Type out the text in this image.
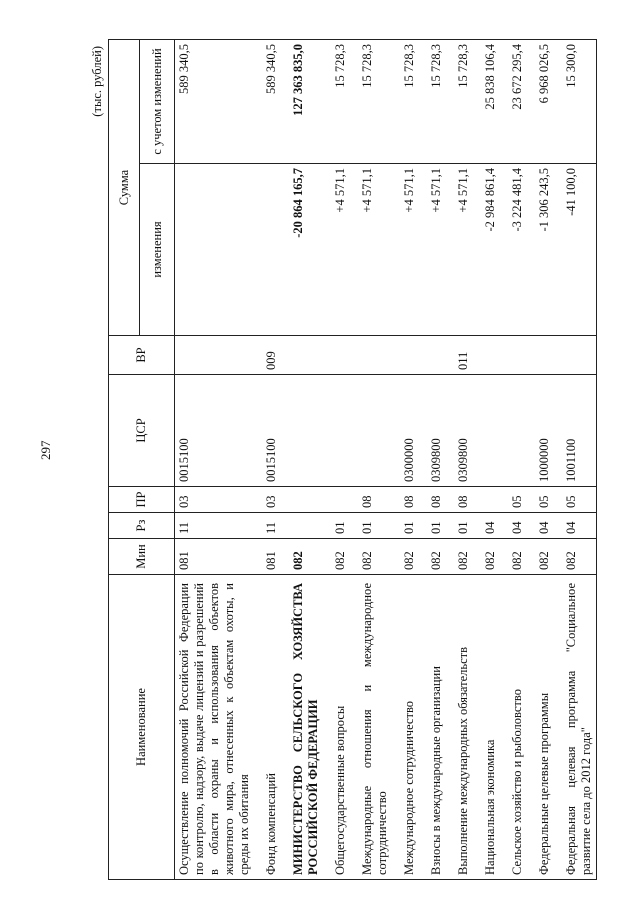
297
(тыс. рублей)
Наименование	Мин	Рз	ПР	ЦСР	ВР	Сумма	
						изменения	с учетом изменений
Осуществление полномочий Российской Федерации по контролю, надзору, выдаче лицензий и разрешений в области охраны и использования объектов животного мира, отнесенных к объектам охоты, и среды их обитания	081	11	03	0015100			589 340,5
Фонд компенсаций	081	11	03	0015100	009		589 340,5
МИНИСТЕРСТВО СЕЛЬСКОГО ХОЗЯЙСТВА РОССИЙСКОЙ ФЕДЕРАЦИИ	082					-20 864 165,7	127 363 835,0
Общегосударственные вопросы	082	01				+4 571,1	15 728,3
Международные отношения и международное сотрудничество	082	01	08			+4 571,1	15 728,3
Международное сотрудничество	082	01	08	0300000		+4 571,1	15 728,3
Взносы в международные организации	082	01	08	0309800		+4 571,1	15 728,3
Выполнение международных обязательств	082	01	08	0309800	011	+4 571,1	15 728,3
Национальная экономика	082	04				-2 984 861,4	25 838 106,4
Сельское хозяйство и рыболовство	082	04	05			-3 224 481,4	23 672 295,4
Федеральные целевые программы	082	04	05	1000000		-1 306 243,5	6 968 026,5
Федеральная целевая программа "Социальное развитие села до 2012 года"	082	04	05	1001100		-41 100,0	15 300,0
